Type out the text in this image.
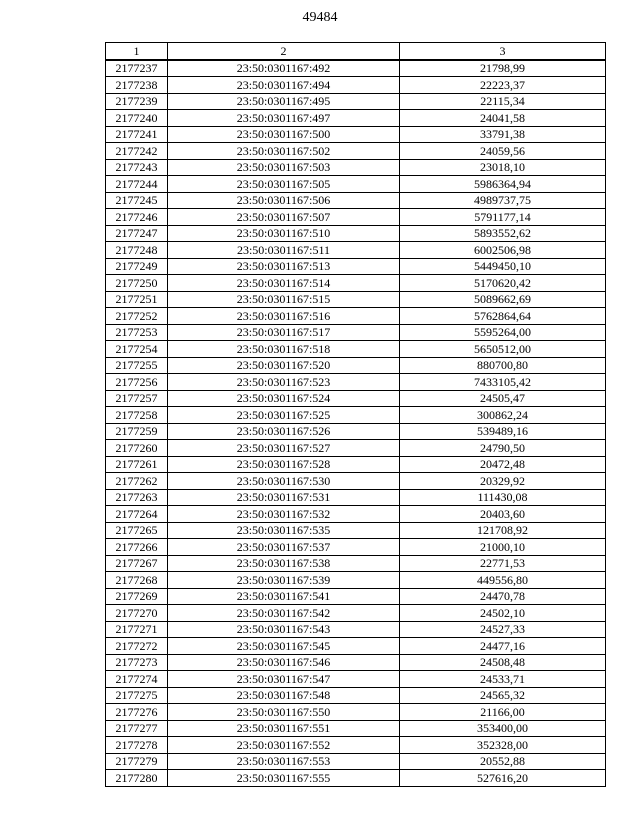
49484
1	2	3
2177237	23:50:0301167:492	21798,99
2177238	23:50:0301167:494	22223,37
2177239	23:50:0301167:495	22115,34
2177240	23:50:0301167:497	24041,58
2177241	23:50:0301167:500	33791,38
2177242	23:50:0301167:502	24059,56
2177243	23:50:0301167:503	23018,10
2177244	23:50:0301167:505	5986364,94
2177245	23:50:0301167:506	4989737,75
2177246	23:50:0301167:507	5791177,14
2177247	23:50:0301167:510	5893552,62
2177248	23:50:0301167:511	6002506,98
2177249	23:50:0301167:513	5449450,10
2177250	23:50:0301167:514	5170620,42
2177251	23:50:0301167:515	5089662,69
2177252	23:50:0301167:516	5762864,64
2177253	23:50:0301167:517	5595264,00
2177254	23:50:0301167:518	5650512,00
2177255	23:50:0301167:520	880700,80
2177256	23:50:0301167:523	7433105,42
2177257	23:50:0301167:524	24505,47
2177258	23:50:0301167:525	300862,24
2177259	23:50:0301167:526	539489,16
2177260	23:50:0301167:527	24790,50
2177261	23:50:0301167:528	20472,48
2177262	23:50:0301167:530	20329,92
2177263	23:50:0301167:531	111430,08
2177264	23:50:0301167:532	20403,60
2177265	23:50:0301167:535	121708,92
2177266	23:50:0301167:537	21000,10
2177267	23:50:0301167:538	22771,53
2177268	23:50:0301167:539	449556,80
2177269	23:50:0301167:541	24470,78
2177270	23:50:0301167:542	24502,10
2177271	23:50:0301167:543	24527,33
2177272	23:50:0301167:545	24477,16
2177273	23:50:0301167:546	24508,48
2177274	23:50:0301167:547	24533,71
2177275	23:50:0301167:548	24565,32
2177276	23:50:0301167:550	21166,00
2177277	23:50:0301167:551	353400,00
2177278	23:50:0301167:552	352328,00
2177279	23:50:0301167:553	20552,88
2177280	23:50:0301167:555	527616,20
